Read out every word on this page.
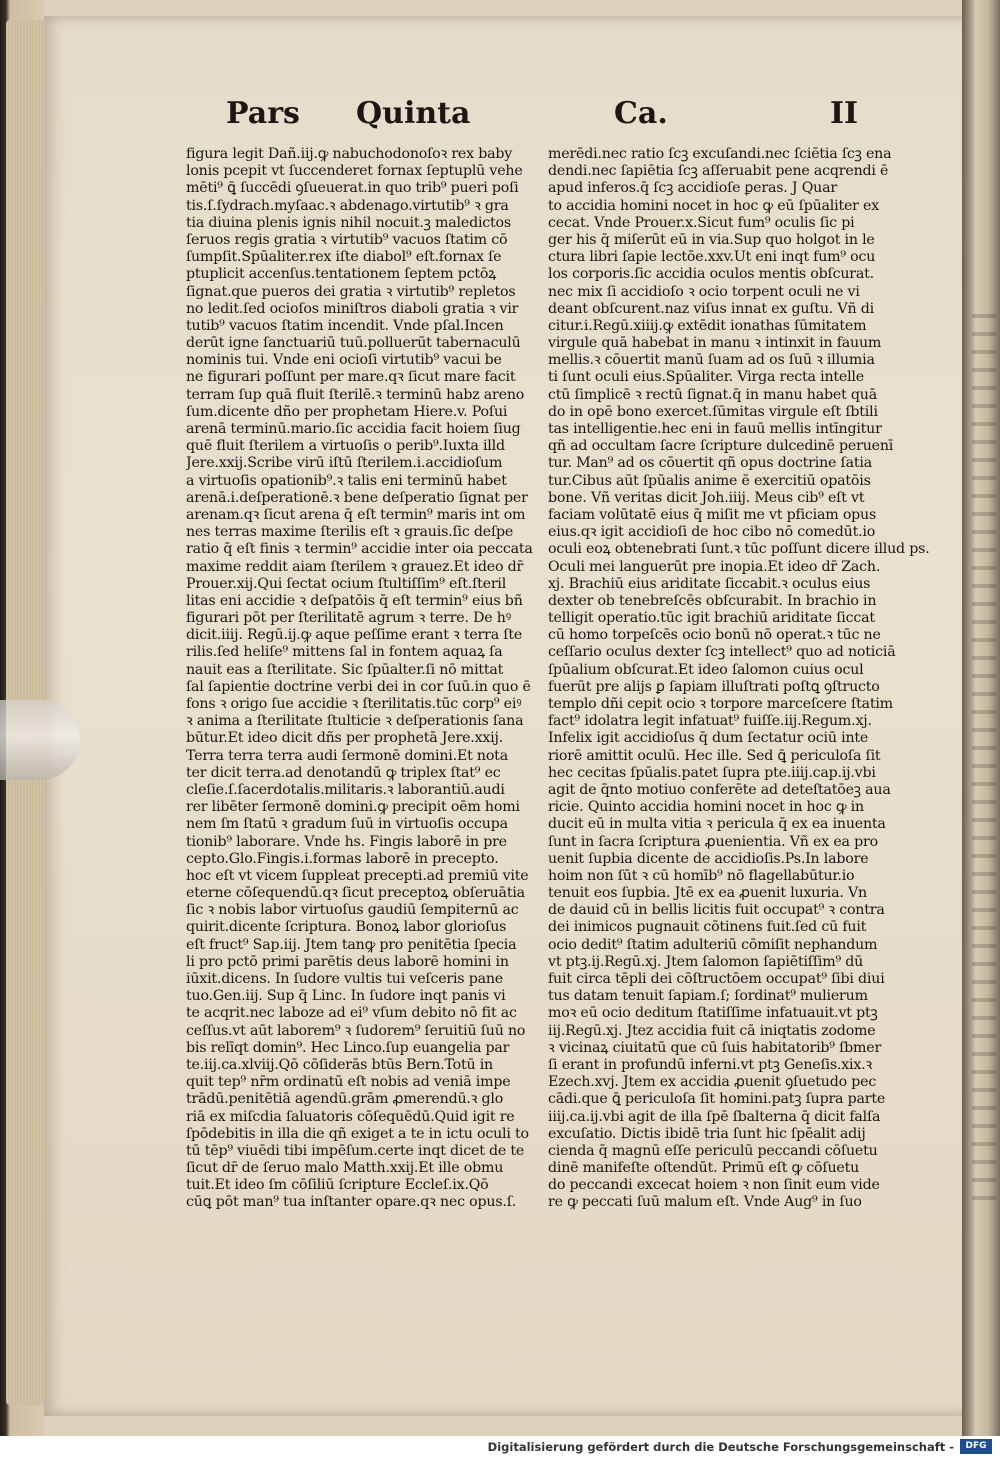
Pars Quinta	Ca.	II
figura legit Dañ.iij.ꝙ nabuchodonoſoꝛ rex baby
lonis pcepit vt ſuccenderet fornax ſeptuplū vehe
mēti⁹ ꝗ̄ ſuccēdi ꝯſueuerat.in quo trib⁹ pueri poſi
tis.ſ.ſydrach.myſaac.ꝛ abdenago.virtutib⁹ ꝛ gra
tia diuina plenis ignis nihil nocuit.ꝫ maledictos
ſeruos regis gratia ꝛ virtutib⁹ vacuos ſtatim cō
ſumpſit.Spūaliter.rex iſte diabol⁹ eſt.fornax ſe
ptuplicit̄ accenſus.tentationem ſeptem pctōꝝ
ſignat.que pueros dei gratia ꝛ virtutib⁹ repletos
no ledit.ſed ocioſos miniſtros diaboli gratia ꝛ vir
tutib⁹ vacuos ſtatim incendit. Vnde pſal.Incen
derūt igne ſanctuariū tuū.polluerūt tabernaculū
nominis tui. Vnde eni ocioſi virtutib⁹ vacui be
ne figurari poſſunt per mare.qꝛ ſicut mare facit
terram ſup quā fluit ſterilē.ꝛ terminū habz areno
ſum.dicente dño per prophetam Hiere.v. Poſui
arenā terminū.mario.ſic accidia facit hoiem ſiug
quē fluit ſterilem a virtuoſis o perib⁹.Iuxta illd
Jere.xxij.Scribe virū iſtū ſterilem.i.accidioſum
a virtuoſis opationib⁹.ꝛ talis eni terminū habet
arenā.i.deſperationē.ꝛ bene deſperatio ſignat per
arenam.qꝛ ſicut arena q̄ eſt termin⁹ maris int om
nes terras maxime ſterilis eſt ꝛ grauis.ſic deſpe
ratio q̄ eſt finis ꝛ termin⁹ accidie inter oia peccata
maxime reddit aiam ſterilem ꝛ grauez.Et ideo dr̄
Prouer.xij.Qui ſectat̄ ocium ſtultiſſim⁹ eſt.ſteril
litas eni accidie ꝛ deſpatōis q̄ eſt termin⁹ eius bñ
figurari pōt per ſterilitatē agrum ꝛ terre. De hꝰ
dicit.iiij. Regū.ij.ꝙ aque peſſime erant ꝛ terra ſte
rilis.ſed heliſe⁹ mittens ſal in fontem aquaꝝ ſa
nauit eas a ſterilitate. Sic ſpūalter.ſi nō mittat
ſal ſapientie doctrine verbi dei in cor ſuū.in quo ē
fons ꝛ origo ſue accidie ꝛ ſterilitatis.tūc corp⁹ eiꝰ
ꝛ anima a ſterilitate ſtulticie ꝛ deſperationis ſana
būtur.Et ideo dicit dñs per prophetā Jere.xxij.
Terra terra terra audi ſermonē domini.Et nota
ter dicit terra.ad denotandū ꝙ triplex ſtat⁹ ec
cleſie.ſ.ſacerdotalis.militaris.ꝛ laborantiū.audi
rer libēter ſermonē domini.ꝙ precipit oēm homi
nem ſm ſtatū ꝛ gradum ſuū in virtuoſis occupa
tionib⁹ laborare. Vnde hs. Fingis laborē in pre
cepto.Glo.Fingis.i.formas laborē in precepto.
hoc eſt vt vicem ſuppleat precepti.ad premiū vite
eterne cōſequendū.qꝛ ſicut preceptoꝝ obſeruātia
ſic ꝛ nobis labor virtuoſus gaudiū ſempiternū ac
quirit.dicente ſcriptura. Bonoꝝ labor glorioſus
eſt fruct⁹ Sap.iij. Jtem tanꝙ pro penitētia ſpecia
li pro pctō primi parētis deus laborē homini in
iūxit.dicens. In ſudore vultis tui veſceris pane
tuo.Gen.iij. Sup q̄ Linc. In ſudore inqt panis vi
te acqrit.nec laboze ad ei⁹ vſum debito nō fit ac
ceſſus.vt aūt laborem⁹ ꝛ ſudorem⁹ ſeruitiū ſuū no
bis relīqt domin⁹. Hec Linco.ſup euangelia par
te.iij.ca.xlviij.Qō cōſiderās btūs Bern.Totū in
quit tep⁹ nr̄m ordinatū eſt nobis ad veniā impe
trādū.penitētiā agendū.grām ꝓmerendū.ꝛ glo
riā ex miſcdia ſaluatoris cōſequēdū.Quid igit re
ſpōdebitis in illa die qñ exiget a te in ictu oculi to
tū tēp⁹ viuēdi tibi impēſum.certe inqt dicet de te
ſicut dr̄ de ſeruo malo Matth.xxij.Et ille obmu
tuit.Et ideo ſm cōſiliū ſcripture Eccleſ.ix.Qō
cūꝗ pōt man⁹ tua inſtanter opare.qꝛ nec opus.ſ.
merēdi.nec ratio ſcꝫ excuſandi.nec ſciētia ſcꝫ ena
dendi.nec ſapiētia ſcꝫ aſſeruabit pene acqrendi ē
apud inferos.q̄ ſcꝫ accidioſe ꝑeras. J Quar
to accidia homini nocet in hoc ꝙ eū ſpūaliter ex
cecat. Vnde Prouer.x.Sicut fum⁹ oculis ſic pi
ger his q̄ miſerūt eū in via.Sup quo holgot in le
ctura libri ſapie lectōe.xxv.Ut eni inqt fum⁹ ocu
los corporis.ſic accidia oculos mentis obſcurat.
nec mix ſi accidioſo ꝛ ocio torpent oculi ne vi
deant obſcurent.naz viſus innat̄ ex guſtu. Vñ di
citur.i.Regū.xiiij.ꝙ extēdit ionathas ſūmitatem
virgule quā habebat in manu ꝛ intinxit in fauum
mellis.ꝛ cōuertit manū ſuam ad os ſuū ꝛ illumia
ti ſunt oculi eius.Spūaliter. Virga recta intelle
ctū ſimplicē ꝛ rectū ſignat.q̄ in manu habet quā
do in opē bono exercet̄.ſūmitas virgule eſt ſbtili
tas intelligentie.hec eni in fauū mellis intīngitur
qñ ad occultam ſacre ſcripture dulcedinē peruenī
tur. Man⁹ ad os cōuertit qñ opus doctrine ſatia
tur.Cibus aūt ſpūalis anime ē exercitiū opatōis
bone. Vñ veritas dicit Joh.iiij. Meus cib⁹ eſt vt
faciam volūtatē eius q̄ miſit me vt pficiam opus
eius.qꝛ igit accidioſi de hoc cibo nō comedūt.io
oculi eoꝝ obtenebrati ſunt.ꝛ tūc poſſunt dicere illud ps.
Oculi mei languerūt pre inopia.Et ideo dr̄ Zach.
xj. Brachiū eius ariditate ſiccabit̄.ꝛ oculus eius
dexter ob tenebreſcēs obſcurabit. In brachio in
telligit operatio.tūc igit̄ brachiū ariditate ſiccat̄
cū homo torpeſcēs ocio bonū nō operat̄.ꝛ tūc ne
ceſſario oculus dexter ſcꝫ intellect⁹ quo ad noticiā
ſpūalium obſcurat̄.Et ideo ſalomon cuius ocul
fuerūt pre alijs ꝑ ſapiam illuſtrati poſtꝗ ꝯſtructo
templo dñi cepit ocio ꝛ torpore marceſcere ſtatim
fact⁹ idolatra legit infatuat⁹ fuiſſe.iij.Regum.xj.
Infelix igit accidioſus q̄ dum ſectatur ociū inte
riorē amittit oculū. Hec ille. Sed ꝗ̄ periculoſa ſit
hec cecitas ſpūalis.patet ſupra pte.iiij.cap.ij.vbi
agit̄ de q̄nto motiuo conferēte ad deteſtatōeꝫ aua
ricie. Quinto accidia homini nocet in hoc ꝙ in
ducit eū in multa vitia ꝛ pericula q̄ ex ea inuenta
ſunt in ſacra ſcriptura ꝓuenientia. Vñ ex ea pro
uenit ſupbia dicente de accidioſis.Ps.In labore
hoim non ſūt ꝛ cū homīb⁹ nō flagellabūtur.io
tenuit eos ſupbia. Jtē ex ea ꝓuenit luxuria. Vn
de dauid cū in bellis licitis fuit occupat⁹ ꝛ contra
dei inimicos pugnauit cōtinens fuit.ſed cū fuit
ocio dedit⁹ ſtatim adulteriū cōmiſit nephandum
vt ptꝫ.ij.Regū.xj. Jtem ſalomon ſapiētiſſim⁹ dū
fuit circa tēpli dei cōſtructōem occupat⁹ ſibi diui
tus datam tenuit ſapiam.ſ; ſordinat⁹ mulierum
moꝛ eū ocio deditum ſtatiſſime infatuauit.vt ptꝫ
iij.Regū.xj. Jtez accidia fuit cā iniqtatis zodome
ꝛ vicinaꝝ ciuitatū que cū ſuis habitatorib⁹ ſbmer
ſi erant in profundū inferni.vt ptꝫ Geneſis.xix.ꝛ
Ezech.xvj. Jtem ex accidia ꝓuenit ꝯſuetudo pec
cādi.que ꝗ̄ periculoſa ſit homini.patꝫ ſupra parte
iiij.ca.ij.vbi agit de illa ſpē ſbalterna q̄ dicit falſa
excuſatio. Dictis ibidē tria ſunt hic ſpēalit̄ adij
cienda q̄ magnū eſſe periculū peccandi cōſuetu
dinē manifeſte oſtendūt. Primū eſt ꝙ cōſuetu
do peccandi excecat hoiem ꝛ non ſinit eum vide
re ꝙ peccati ſuū malum eſt. Vnde Aug⁹ in ſuo
Digitalisierung gefördert durch die Deutsche Forschungsgemeinschaft -	DFG
